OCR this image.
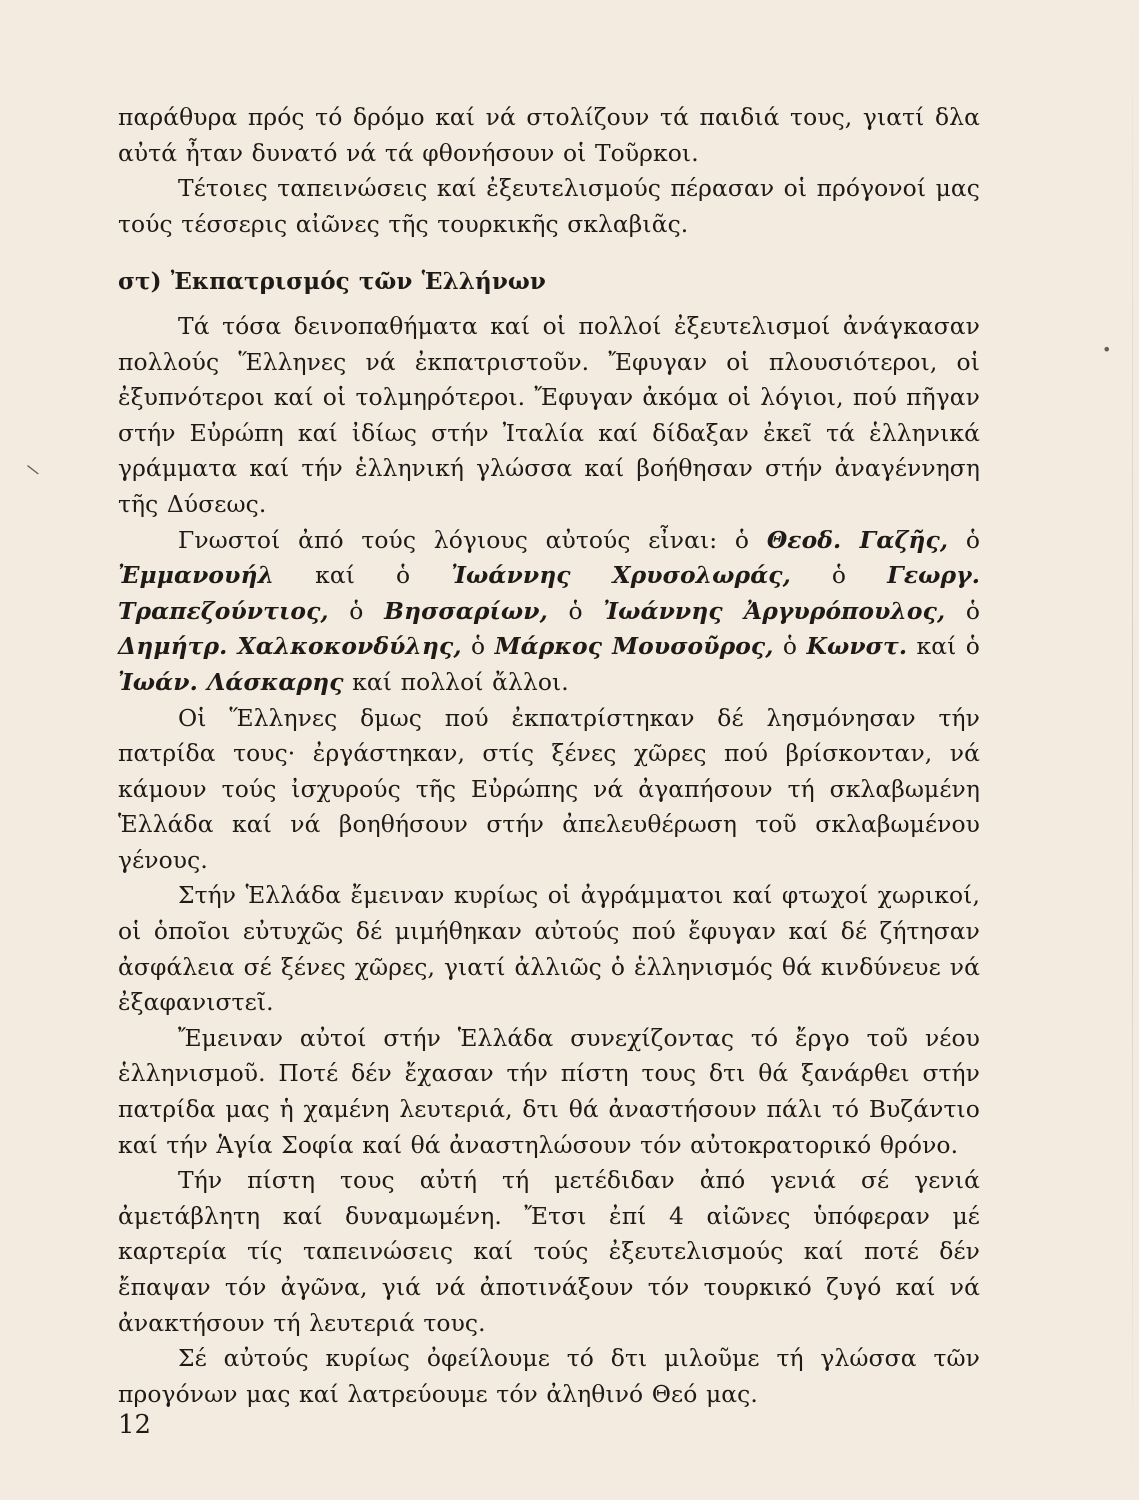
παράθυρα πρός τό δρόμο καί νά στολίζουν τά παιδιά τους, γιατί δλα αὐτά ἦταν δυνατό νά τά φθονήσουν οἱ Τοῦρκοι.

Τέτοιες ταπεινώσεις καί ἐξευτελισμούς πέρασαν οἱ πρόγονοί μας τούς τέσσερις αἰῶνες τῆς τουρκικῆς σκλαβιᾶς.

στ) Ἐκπατρισμός τῶν Ἑλλήνων

Τά τόσα δεινοπαθήματα καί οἱ πολλοί ἐξευτελισμοί ἀνάγκασαν πολλούς Ἕλληνες νά ἐκπατριστοῦν. Ἔφυγαν οἱ πλουσιότεροι, οἱ ἐξυπνότεροι καί οἱ τολμηρότεροι. Ἔφυγαν ἀκόμα οἱ λόγιοι, πού πῆγαν στήν Εὐρώπη καί ἰδίως στήν Ἰταλία καί δίδαξαν ἐκεῖ τά ἑλληνικά γράμματα καί τήν ἑλληνική γλώσσα καί βοήθησαν στήν ἀναγέννηση τῆς Δύσεως.

Γνωστοί ἀπό τούς λόγιους αὐτούς εἶναι: ὁ Θεοδ. Γαζῆς, ὁ Ἐμμανουήλ καί ὁ Ἰωάννης Χρυσολωράς, ὁ Γεωργ. Τραπεζούντιος, ὁ Βησσαρίων, ὁ Ἰωάννης Ἀργυρόπουλος, ὁ Δημήτρ. Χαλκοκονδύλης, ὁ Μάρκος Μουσοῦρος, ὁ Κωνστ. καί ὁ Ἰωάν. Λάσκαρης καί πολλοί ἄλλοι.

Οἱ Ἕλληνες δμως πού ἐκπατρίστηκαν δέ λησμόνησαν τήν πατρίδα τους· ἐργάστηκαν, στίς ξένες χῶρες πού βρίσκονταν, νά κάμουν τούς ἰσχυρούς τῆς Εὐρώπης νά ἀγαπήσουν τή σκλαβωμένη Ἑλλάδα καί νά βοηθήσουν στήν ἀπελευθέρωση τοῦ σκλαβωμένου γένους.

Στήν Ἑλλάδα ἔμειναν κυρίως οἱ ἀγράμματοι καί φτωχοί χωρικοί, οἱ ὁποῖοι εὐτυχῶς δέ μιμήθηκαν αὐτούς πού ἔφυγαν καί δέ ζήτησαν ἀσφάλεια σέ ξένες χῶρες, γιατί ἀλλιῶς ὁ ἑλληνισμός θά κινδύνευε νά ἐξαφανιστεῖ.

Ἔμειναν αὐτοί στήν Ἑλλάδα συνεχίζοντας τό ἔργο τοῦ νέου ἑλληνισμοῦ. Ποτέ δέν ἔχασαν τήν πίστη τους δτι θά ξανάρθει στήν πατρίδα μας ἡ χαμένη λευτεριά, δτι θά ἀναστήσουν πάλι τό Βυζάντιο καί τήν Ἁγία Σοφία καί θά ἀναστηλώσουν τόν αὐτοκρατορικό θρόνο.

Τήν πίστη τους αὐτή τή μετέδιδαν ἀπό γενιά σέ γενιά ἀμετάβλητη καί δυναμωμένη. Ἔτσι ἐπί 4 αἰῶνες ὑπόφεραν μέ καρτερία τίς ταπεινώσεις καί τούς ἐξευτελισμούς καί ποτέ δέν ἔπαψαν τόν ἀγῶνα, γιά νά ἀποτινάξουν τόν τουρκικό ζυγό καί νά ἀνακτήσουν τή λευτεριά τους.

Σέ αὐτούς κυρίως ὀφείλουμε τό δτι μιλοῦμε τή γλώσσα τῶν προγόνων μας καί λατρεύουμε τόν ἀληθινό Θεό μας.

\
•
12
